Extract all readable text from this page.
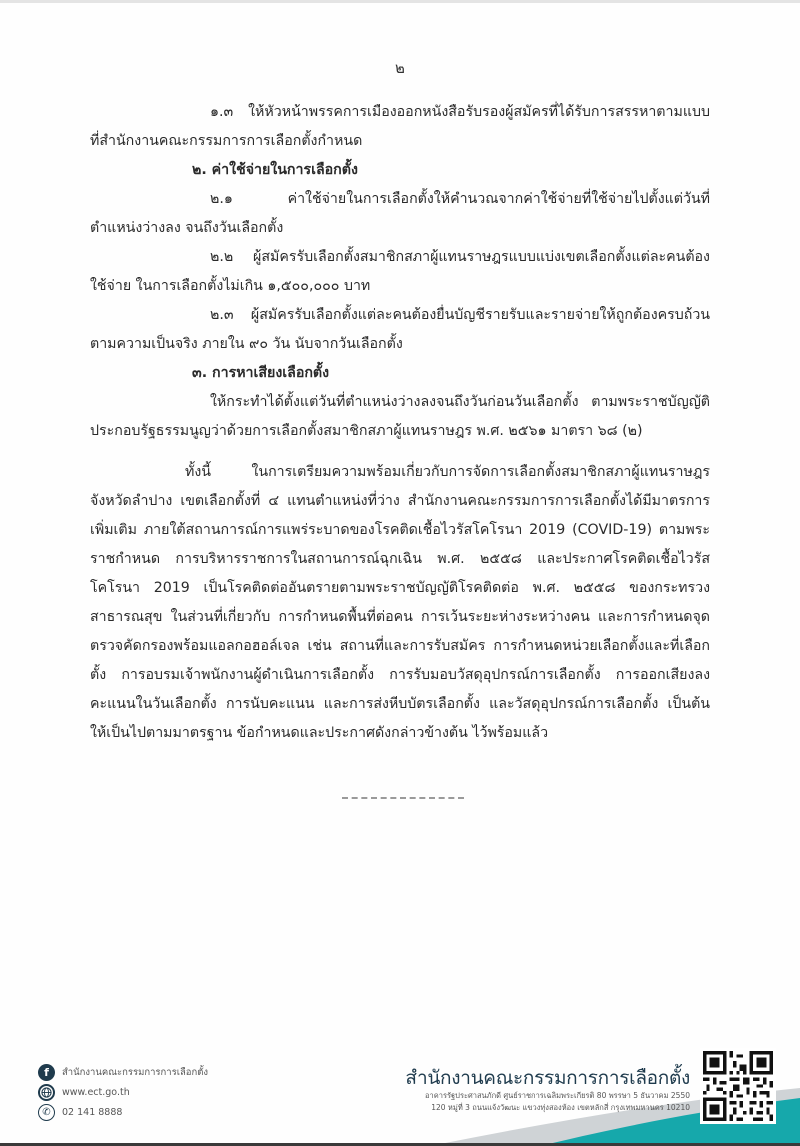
๒

๑.๓ ให้หัวหน้าพรรคการเมืองออกหนังสือรับรองผู้สมัครที่ได้รับการสรรหาตามแบบ ที่สำนักงานคณะกรรมการการเลือกตั้งกำหนด

๒. ค่าใช้จ่ายในการเลือกตั้ง

๒.๑ ค่าใช้จ่ายในการเลือกตั้งให้คำนวณจากค่าใช้จ่ายที่ใช้จ่ายไปตั้งแต่วันที่ตำแหน่งว่างลง จนถึงวันเลือกตั้ง

๒.๒ ผู้สมัครรับเลือกตั้งสมาชิกสภาผู้แทนราษฎรแบบแบ่งเขตเลือกตั้งแต่ละคนต้องใช้จ่าย ในการเลือกตั้งไม่เกิน ๑,๕๐๐,๐๐๐ บาท

๒.๓ ผู้สมัครรับเลือกตั้งแต่ละคนต้องยื่นบัญชีรายรับและรายจ่ายให้ถูกต้องครบถ้วน ตามความเป็นจริง ภายใน ๙๐ วัน นับจากวันเลือกตั้ง

๓. การหาเสียงเลือกตั้ง

ให้กระทำได้ตั้งแต่วันที่ตำแหน่งว่างลงจนถึงวันก่อนวันเลือกตั้ง ตามพระราชบัญญัติ ประกอบรัฐธรรมนูญว่าด้วยการเลือกตั้งสมาชิกสภาผู้แทนราษฎร พ.ศ. ๒๕๖๑ มาตรา ๖๘ (๒)

ทั้งนี้ ในการเตรียมความพร้อมเกี่ยวกับการจัดการเลือกตั้งสมาชิกสภาผู้แทนราษฎร จังหวัดลำปาง เขตเลือกตั้งที่ ๔ แทนตำแหน่งที่ว่าง สำนักงานคณะกรรมการการเลือกตั้งได้มีมาตรการเพิ่มเติม ภายใต้สถานการณ์การแพร่ระบาดของโรคติดเชื้อไวรัสโคโรนา 2019 (COVID-19) ตามพระราชกำหนด การบริหารราชการในสถานการณ์ฉุกเฉิน พ.ศ. ๒๕๕๘ และประกาศโรคติดเชื้อไวรัสโคโรนา 2019 เป็นโรคติดต่ออันตรายตามพระราชบัญญัติโรคติดต่อ พ.ศ. ๒๕๕๘ ของกระทรวงสาธารณสุข ในส่วนที่เกี่ยวกับ การกำหนดพื้นที่ต่อคน การเว้นระยะห่างระหว่างคน และการกำหนดจุดตรวจคัดกรองพร้อมแอลกอฮอล์เจล เช่น สถานที่และการรับสมัคร การกำหนดหน่วยเลือกตั้งและที่เลือกตั้ง การอบรมเจ้าพนักงานผู้ดำเนินการเลือกตั้ง การรับมอบวัสดุอุปกรณ์การเลือกตั้ง การออกเสียงลงคะแนนในวันเลือกตั้ง การนับคะแนน และการส่งหีบบัตรเลือกตั้ง และวัสดุอุปกรณ์การเลือกตั้ง เป็นต้น ให้เป็นไปตามมาตรฐาน ข้อกำหนดและประกาศดังกล่าวข้างต้น ไว้พร้อมแล้ว

f	สำนักงานคณะกรรมการการเลือกตั้ง
www.ect.go.th
✆	02 141 8888
สำนักงานคณะกรรมการการเลือกตั้ง
อาคารรัฐประศาสนภักดี ศูนย์ราชการเฉลิมพระเกียรติ 80 พรรษา 5 ธันวาคม 2550
120 หมู่ที่ 3 ถนนแจ้งวัฒนะ แขวงทุ่งสองห้อง เขตหลักสี่ กรุงเทพมหานคร 10210
